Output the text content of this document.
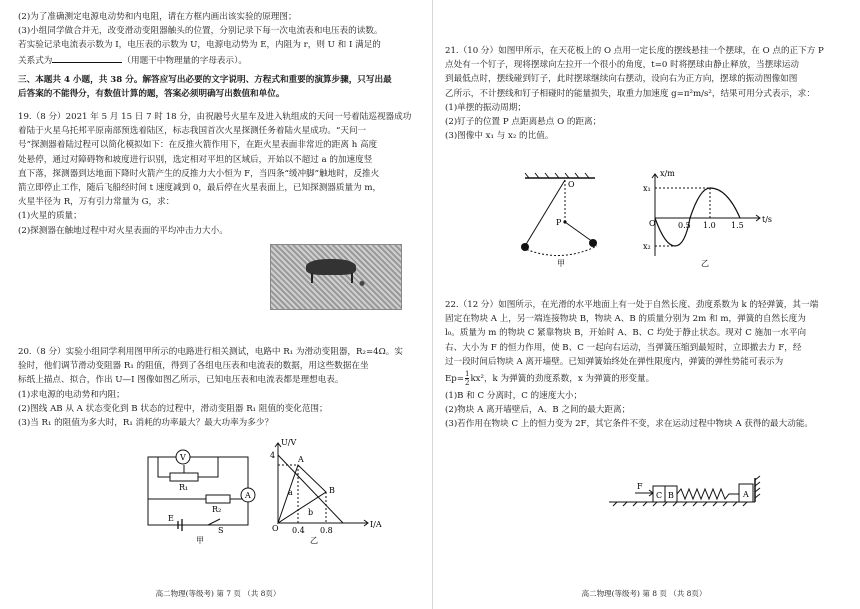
(2)为了准确测定电源电动势和内电阻，请在方框内画出该实验的原理图；

(3)小组同学做合并无，改变滑动变阻器触头的位置，分别记录下每一次电流表和电压表的读数。

若实验记录电流表示数为 I，电压表的示数为 U，电源电动势为 E，内阻为 r，则 U 和 I 满足的

关系式为	（用题干中物理量的字母表示）。

三、本题共 4 小题，共 38 分。解答应写出必要的文字说明、方程式和重要的演算步骤，只写出最

后答案的不能得分，有数值计算的题，答案必须明确写出数值和单位。

19.（8 分）2021 年 5 月 15 日 7 时 18 分，由祝融号火星车及进入轨组成的天问一号着陆巡视器成功

着陆于火星乌托邦平原南部预选着陆区，标志我国首次火星探测任务着陆火星成功。“天问一

号”探测器着陆过程可以简化模拟如下：在反推火箭作用下，在距火星表面非常近的距离 h 高度

处悬停，通过对障碍物和坡度进行识别，选定相对平坦的区域后，开始以不超过 a 的加速度竖

直下落，探测器到达地面下降时火箭产生的反推力大小恒为 F，当四条“缓冲脚”触地时，反推火

箭立即停止工作，随后飞船经时间 t 速度减到 0，最后停在火星表面上，已知探测器质量为 m，

火星半径为 R，万有引力常量为 G，求：

(1)火星的质量；

(2)探测器在触地过程中对火星表面的平均冲击力大小。

20.（8 分）实验小组同学利用图甲所示的电路进行相关测试，电路中 R₁ 为滑动变阻器，R₂=4Ω。实

验时，他们调节滑动变阻器 R₁ 的阻值，得到了各组电压表和电流表的数据，用这些数据在坐

标纸上描点、拟合，作出 U—I 图像如图乙所示，已知电压表和电流表都是理想电表。

(1)求电源的电动势和内阻；

(2)图线 AB 从 A 状态变化到 B 状态的过程中，滑动变阻器 R₁ 阻值的变化范围；

(3)当 R₁ 的阻值为多大时，R₁ 消耗的功率最大？最大功率为多少？

V
R₁
R₂
A
E
S
甲
U/V
I/A
4
0.4 0.8
O
A
B
a
b
乙
高二物理(等级考) 第 7 页 （共 8页）

21.（10 分）如图甲所示，在天花板上的 O 点用一定长度的摆线悬挂一个摆球，在 O 点的正下方 P

点处有一个钉子，现将摆球向左拉开一个很小的角度，t=0 时将摆球由静止释放，当摆球运动

到最低点时，摆线碰到钉子，此时摆球继续向右摆动，设向右为正方向，摆球的振动图像如图

乙所示，不计摆线和钉子相碰时的能量损失，取重力加速度 g=π²m/s²，结果可用分式表示，求：

(1)单摆的振动周期；

(2)钉子的位置 P 点距离悬点 O 的距离；

(3)图像中 x₁ 与 x₂ 的比值。

O
P
甲
x/m
t/s
x₁
x₂
O	0.5 1.0 1.5
乙

22.（12 分）如图所示，在光滑的水平地面上有一处于自然长度、劲度系数为 k 的轻弹簧，其一端

固定在物块 A 上，另一端连接物块 B，物块 A、B 的质量分别为 2m 和 m，弹簧的自然长度为

l₀。质量为 m 的物块 C 紧靠物块 B，开始时 A、B、C 均处于静止状态。现对 C 施加一水平向

右、大小为 F 的恒力作用，使 B、C 一起向右运动，当弹簧压缩到最短时，立即撤去力 F，经

过一段时间后物块 A 离开墙壁。已知弹簧始终处在弹性限度内，弹簧的弹性势能可表示为

$Ep= \frac{1}{2} kx^2$，k 为弹簧的劲度系数，x 为弹簧的形变量。

(1)B 和 C 分离时，C 的速度大小；

(2)物块 A 离开墙壁后，A、B 之间的最大距离；

(3)若作用在物块 C 上的恒力变为 2F，其它条件不变，求在运动过程中物块 A 获得的最大动能。

F
C B	A
高二物理(等级考) 第 8 页 （共 8页）
